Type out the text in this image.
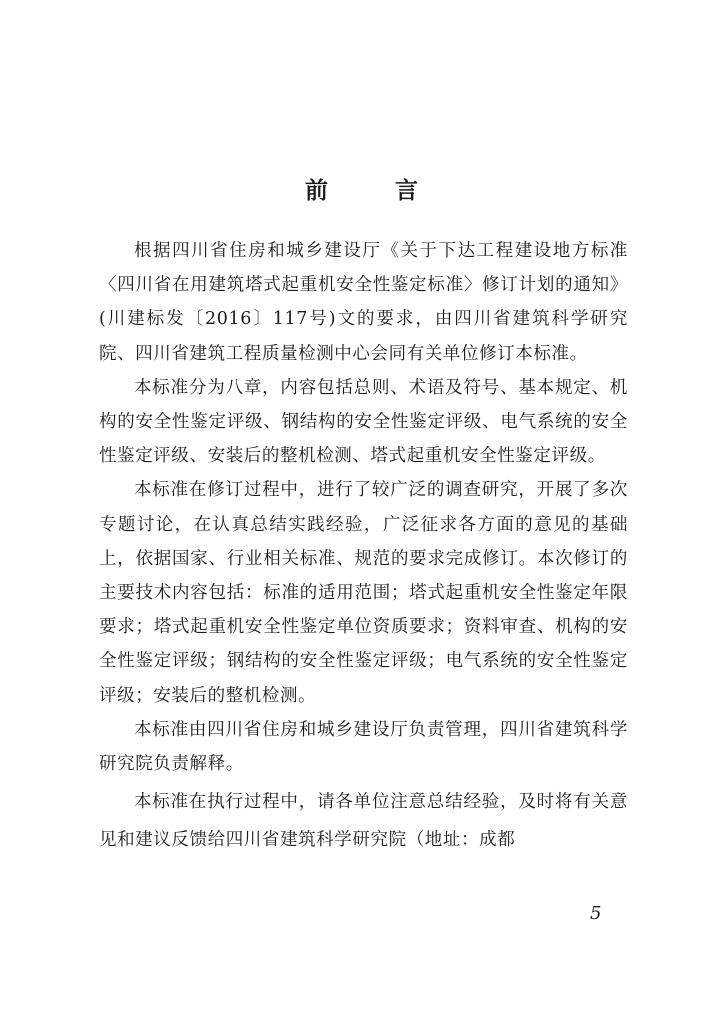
前　言

根据四川省住房和城乡建设厅《关于下达工程建设地方标准〈四川省在用建筑塔式起重机安全性鉴定标准〉修订计划的通知》(川建标发〔2016〕117号)文的要求，由四川省建筑科学研究院、四川省建筑工程质量检测中心会同有关单位修订本标准。

本标准分为八章，内容包括总则、术语及符号、基本规定、机构的安全性鉴定评级、钢结构的安全性鉴定评级、电气系统的安全性鉴定评级、安装后的整机检测、塔式起重机安全性鉴定评级。

本标准在修订过程中，进行了较广泛的调查研究，开展了多次专题讨论，在认真总结实践经验，广泛征求各方面的意见的基础上，依据国家、行业相关标准、规范的要求完成修订。本次修订的主要技术内容包括：标准的适用范围；塔式起重机安全性鉴定年限要求；塔式起重机安全性鉴定单位资质要求；资料审查、机构的安全性鉴定评级；钢结构的安全性鉴定评级；电气系统的安全性鉴定评级；安装后的整机检测。

本标准由四川省住房和城乡建设厅负责管理，四川省建筑科学研究院负责解释。

本标准在执行过程中，请各单位注意总结经验，及时将有关意见和建议反馈给四川省建筑科学研究院（地址：成都

5
